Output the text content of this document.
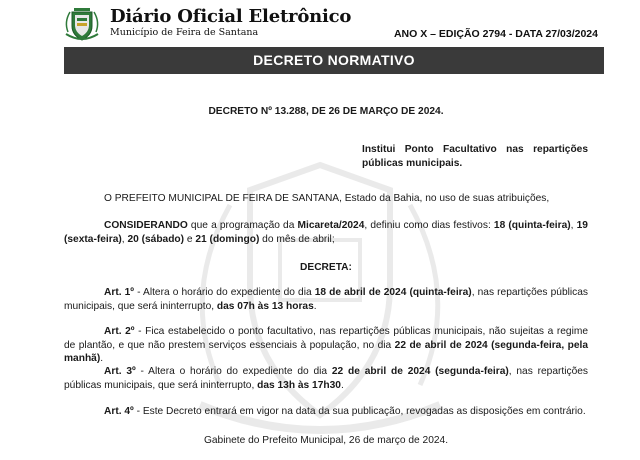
Diário Oficial Eletrônico
Município de Feira de Santana	ANO X – EDIÇÃO 2794 - DATA 27/03/2024
DECRETO NORMATIVO

DECRETO Nº 13.288, DE 26 DE MARÇO DE 2024.

Institui Ponto Facultativo nas repartições públicas municipais.

O PREFEITO MUNICIPAL DE FEIRA DE SANTANA, Estado da Bahia, no uso de suas atribuições,

CONSIDERANDO que a programação da Micareta/2024, definiu como dias festivos: 18 (quinta-feira), 19 (sexta-feira), 20 (sábado) e 21 (domingo) do mês de abril;

DECRETA:

Art. 1º - Altera o horário do expediente do dia 18 de abril de 2024 (quinta-feira), nas repartições públicas municipais, que será ininterrupto, das 07h às 13 horas.

Art. 2º - Fica estabelecido o ponto facultativo, nas repartições públicas municipais, não sujeitas a regime de plantão, e que não prestem serviços essenciais à população, no dia 22 de abril de 2024 (segunda-feira, pela manhã).

Art. 3º - Altera o horário do expediente do dia 22 de abril de 2024 (segunda-feira), nas repartições públicas municipais, que será ininterrupto, das 13h às 17h30.

Art. 4º - Este Decreto entrará em vigor na data da sua publicação, revogadas as disposições em contrário.

Gabinete do Prefeito Municipal, 26 de março de 2024.
